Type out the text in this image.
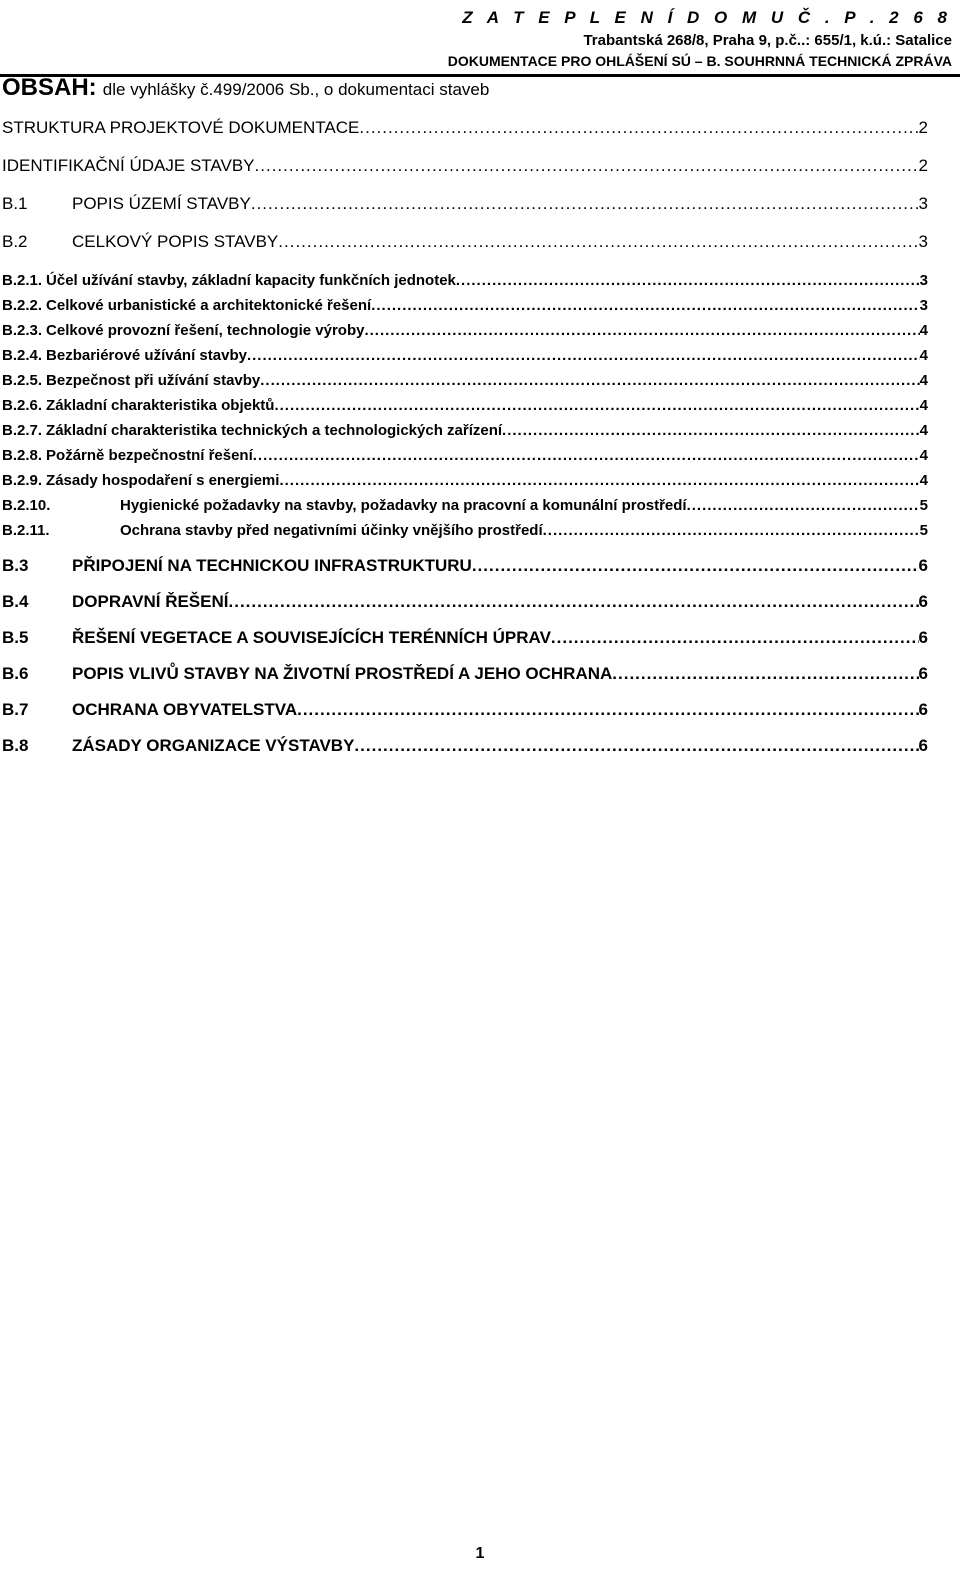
Z A T E P L E N Í D O M U Č . P . 2 6 8
Trabantská 268/8, Praha 9, p.č..: 655/1, k.ú.: Satalice
DOKUMENTACE PRO OHLÁŠENÍ SÚ – B. SOUHRNNÁ TECHNICKÁ ZPRÁVA
OBSAH: dle vyhlášky č.499/2006 Sb., o dokumentaci staveb
STRUKTURA PROJEKTOVÉ DOKUMENTACE .....	2
IDENTIFIKAČNÍ ÚDAJE STAVBY .....	2
B.1	POPIS ÚZEMÍ STAVBY .....	3
B.2	CELKOVÝ POPIS STAVBY .....	3
B.2.1. Účel užívání stavby, základní kapacity funkčních jednotek .....	3
B.2.2. Celkové urbanistické a architektonické řešení .....	3
B.2.3. Celkové provozní řešení, technologie výroby .....	4
B.2.4. Bezbariérové užívání stavby .....	4
B.2.5. Bezpečnost při užívání stavby .....	4
B.2.6. Základní charakteristika objektů .....	4
B.2.7. Základní charakteristika technických a technologických zařízení .....	4
B.2.8. Požárně bezpečnostní řešení .....	4
B.2.9. Zásady hospodaření s energiemi .....	4
B.2.10.	Hygienické požadavky na stavby, požadavky na pracovní a komunální prostředí .....	5
B.2.11.	Ochrana stavby před negativními účinky vnějšího prostředí .....	5
B.3	PŘIPOJENÍ NA TECHNICKOU INFRASTRUKTURU .....	6
B.4	DOPRAVNÍ ŘEŠENÍ .....	6
B.5	ŘEŠENÍ VEGETACE A SOUVISEJÍCÍCH TERÉNNÍCH ÚPRAV .....	6
B.6	POPIS VLIVŮ STAVBY NA ŽIVOTNÍ PROSTŘEDÍ A JEHO OCHRANA .....	6
B.7	OCHRANA OBYVATELSTVA .....	6
B.8	ZÁSADY ORGANIZACE VÝSTAVBY .....	6
1
